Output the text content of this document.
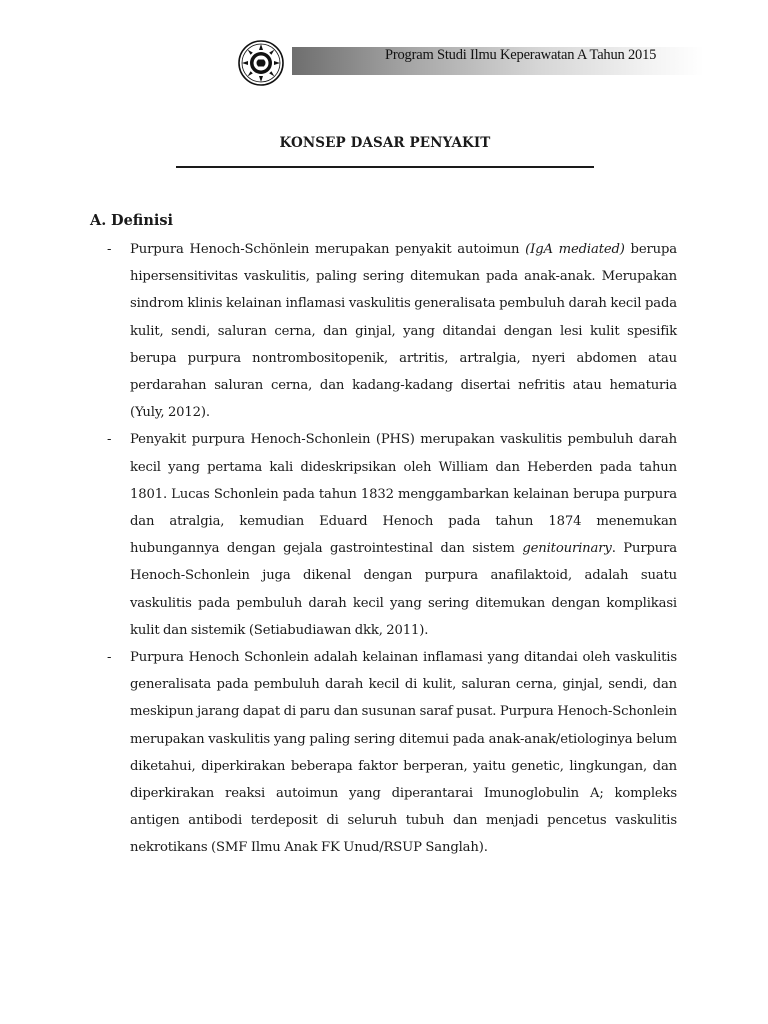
Program Studi Ilmu Keperawatan A Tahun 2015
KONSEP DASAR PENYAKIT
A. Definisi
- Purpura Henoch-Schönlein merupakan penyakit autoimun (IgA mediated) berupa hipersensitivitas vaskulitis, paling sering ditemukan pada anak-anak. Merupakan sindrom klinis kelainan inflamasi vaskulitis generalisata pembuluh darah kecil pada kulit, sendi, saluran cerna, dan ginjal, yang ditandai dengan lesi kulit spesifik berupa purpura nontrombositopenik, artritis, artralgia, nyeri abdomen atau perdarahan saluran cerna, dan kadang-kadang disertai nefritis atau hematuria (Yuly, 2012).

- Penyakit purpura Henoch-Schonlein (PHS) merupakan vaskulitis pembuluh darah kecil yang pertama kali dideskripsikan oleh William dan Heberden pada tahun 1801. Lucas Schonlein pada tahun 1832 menggambarkan kelainan berupa purpura dan atralgia, kemudian Eduard Henoch pada tahun 1874 menemukan hubungannya dengan gejala gastrointestinal dan sistem genitourinary. Purpura Henoch-Schonlein juga dikenal dengan purpura anafilaktoid, adalah suatu vaskulitis pada pembuluh darah kecil yang sering ditemukan dengan komplikasi kulit dan sistemik (Setiabudiawan dkk, 2011).

- Purpura Henoch Schonlein adalah kelainan inflamasi yang ditandai oleh vaskulitis generalisata pada pembuluh darah kecil di kulit, saluran cerna, ginjal, sendi, dan meskipun jarang dapat di paru dan susunan saraf pusat. Purpura Henoch-Schonlein merupakan vaskulitis yang paling sering ditemui pada anak-anak/etiologinya belum diketahui, diperkirakan beberapa faktor berperan, yaitu genetic, lingkungan, dan diperkirakan reaksi autoimun yang diperantarai Imunoglobulin A; kompleks antigen antibodi terdeposit di seluruh tubuh dan menjadi pencetus vaskulitis nekrotikans (SMF Ilmu Anak FK Unud/RSUP Sanglah).
